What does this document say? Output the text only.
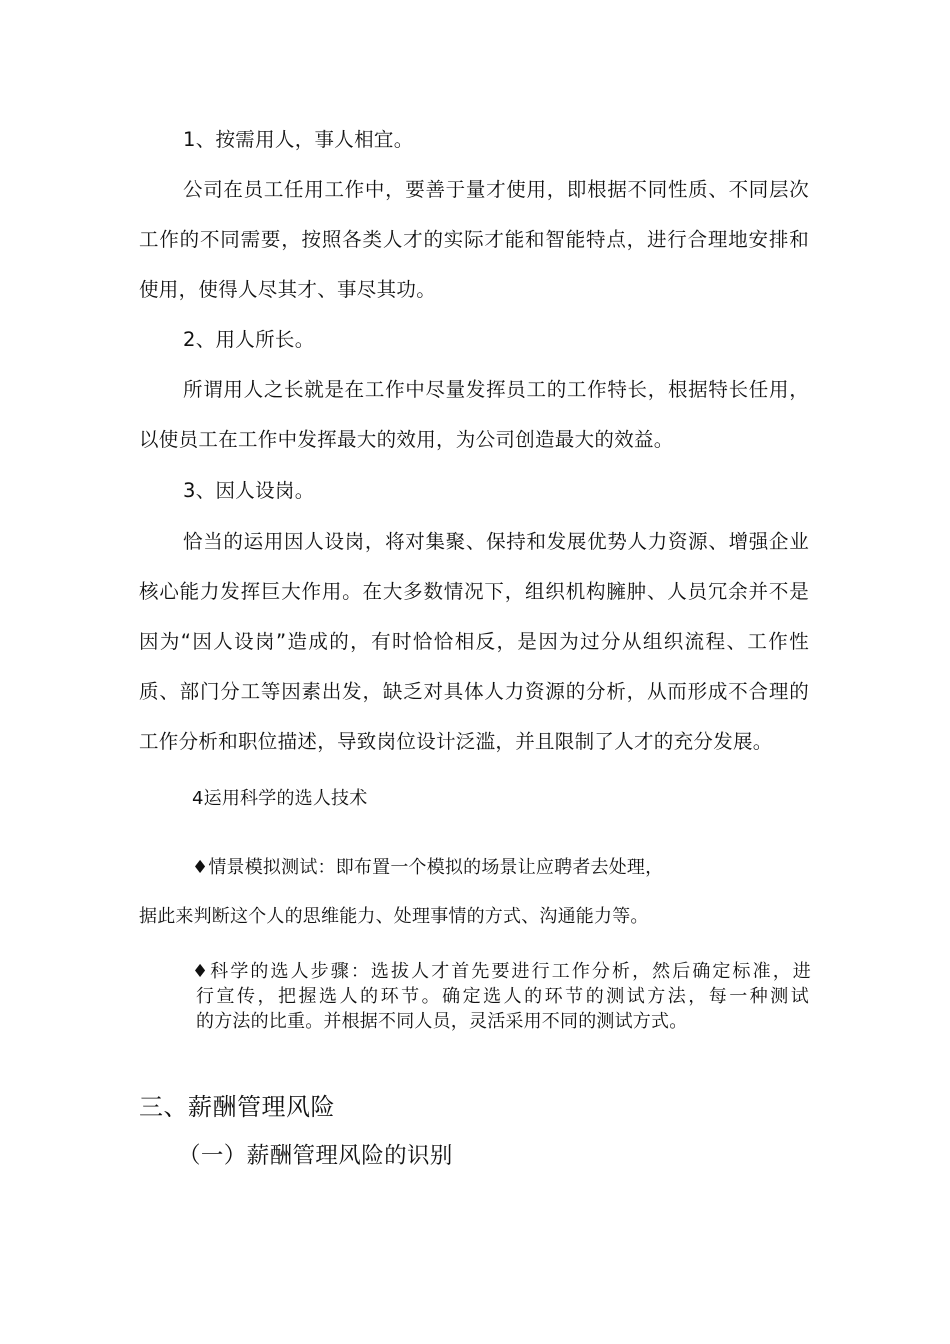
1、按需用人，事人相宜。
公司在员工任用工作中，要善于量才使用，即根据不同性质、不同层次
工作的不同需要，按照各类人才的实际才能和智能特点，进行合理地安排和
使用，使得人尽其才、事尽其功。
2、用人所长。
所谓用人之长就是在工作中尽量发挥员工的工作特长，根据特长任用，
以使员工在工作中发挥最大的效用，为公司创造最大的效益。
3、因人设岗。
恰当的运用因人设岗，将对集聚、保持和发展优势人力资源、增强企业
核心能力发挥巨大作用。在大多数情况下，组织机构臃肿、人员冗余并不是
因为“因人设岗”造成的，有时恰恰相反，是因为过分从组织流程、工作性
质、部门分工等因素出发，缺乏对具体人力资源的分析，从而形成不合理的
工作分析和职位描述，导致岗位设计泛滥，并且限制了人才的充分发展。
4运用科学的选人技术
♦情景模拟测试：即布置一个模拟的场景让应聘者去处理，
据此来判断这个人的思维能力、处理事情的方式、沟通能力等。
♦科学的选人步骤：选拔人才首先要进行工作分析，然后确定标准，进
行宣传，把握选人的环节。确定选人的环节的测试方法，每一种测试
的方法的比重。并根据不同人员，灵活采用不同的测试方式。
三、薪酬管理风险
（一）薪酬管理风险的识别
